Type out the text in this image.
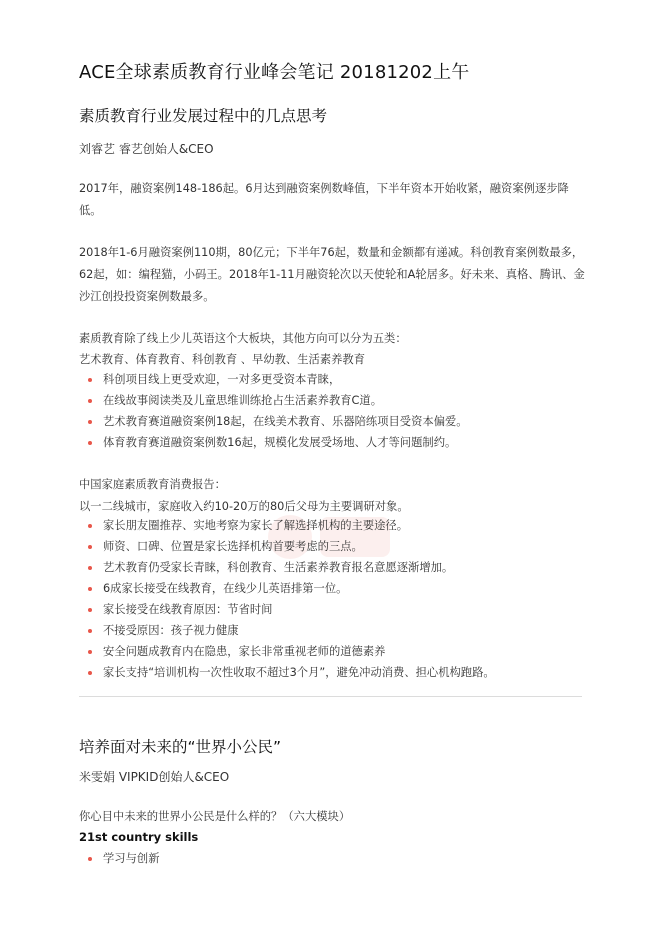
ACE全球素质教育行业峰会笔记 20181202上午
素质教育行业发展过程中的几点思考
刘睿艺 睿艺创始人&CEO
2017年，融资案例148-186起。6月达到融资案例数峰值，下半年资本开始收紧，融资案例逐步降低。
2018年1-6月融资案例110期，80亿元；下半年76起，数量和金额都有递减。科创教育案例数最多，62起，如：编程猫，小码王。2018年1-11月融资轮次以天使轮和A轮居多。好未来、真格、腾讯、金沙江创投投资案例数最多。
素质教育除了线上少儿英语这个大板块，其他方向可以分为五类：
艺术教育、体育教育、科创教育 、早幼教、生活素养教育
科创项目线上更受欢迎，一对多更受资本青睐，
在线故事阅读类及儿童思维训练抢占生活素养教育C道。
艺术教育赛道融资案例18起，在线美术教育、乐器陪练项目受资本偏爱。
体育教育赛道融资案例数16起，规模化发展受场地、人才等问题制约。
中国家庭素质教育消费报告：
以一二线城市，家庭收入约10-20万的80后父母为主要调研对象。
家长朋友圈推荐、实地考察为家长了解选择机构的主要途径。
师资、口碑、位置是家长选择机构首要考虑的三点。
艺术教育仍受家长青睐，科创教育、生活素养教育报名意愿逐渐增加。
6成家长接受在线教育，在线少儿英语排第一位。
家长接受在线教育原因：节省时间
不接受原因：孩子视力健康
安全问题成教育内在隐患，家长非常重视老师的道德素养
家长支持“培训机构一次性收取不超过3个月”，避免冲动消费、担心机构跑路。
培养面对未来的“世界小公民”
米雯娟 VIPKID创始人&CEO
你心目中未来的世界小公民是什么样的？（六大模块）
21st country skills
学习与创新
